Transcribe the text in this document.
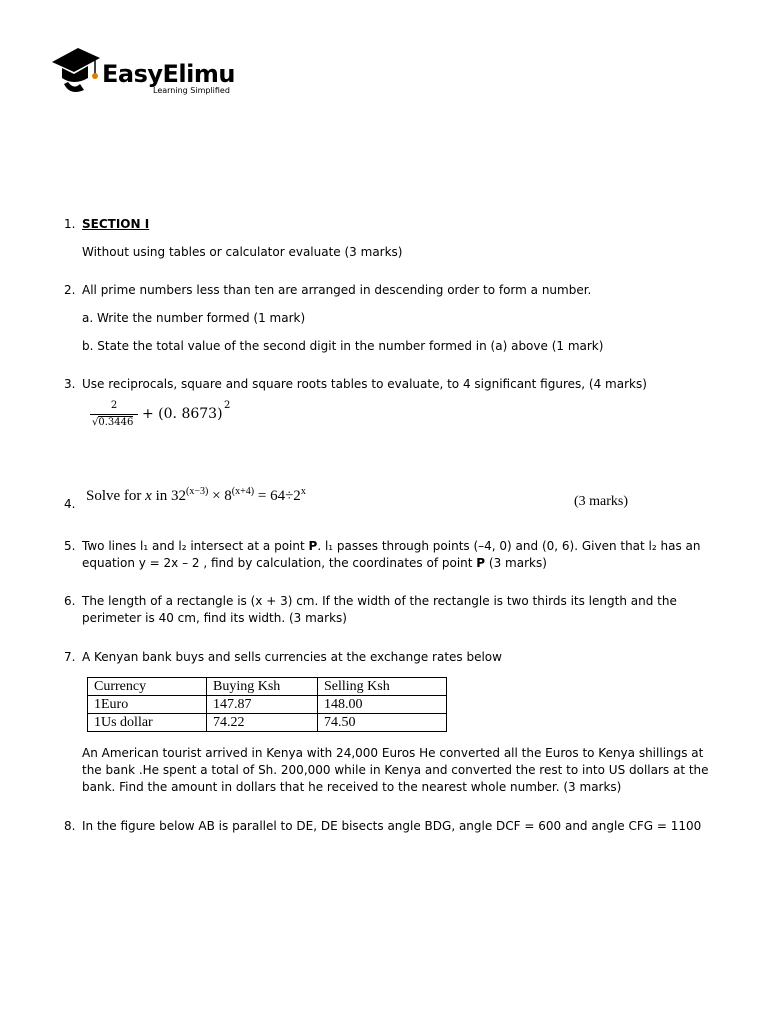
EasyElimu
Learning Simplified
1. SECTION I

Without using tables or calculator evaluate (3 marks)

2. All prime numbers less than ten are arranged in descending order to form a number.

a. Write the number formed (1 mark)

b. State the total value of the second digit in the number formed in (a) above (1 mark)

3. Use reciprocals, square and square roots tables to evaluate, to 4 significant figures, (4 marks)

2
√0.3446
+ (0. 8673)
2
4. Solve for x in $32^{(x-3)} \times 8^{(x+4)} = 64\div 2^x$
(3 marks)
5. Two lines l₁ and l₂ intersect at a point P. l₁ passes through points (–4, 0) and (0, 6). Given that l₂ has an equation y = 2x – 2 , find by calculation, the coordinates of point P (3 marks)

6. The length of a rectangle is (x + 3) cm. If the width of the rectangle is two thirds its length and the perimeter is 40 cm, find its width. (3 marks)

7. A Kenyan bank buys and sells currencies at the exchange rates below

Currency	Buying Ksh	Selling Ksh
1Euro	147.87	148.00
1Us dollar	74.22	74.50

An American tourist arrived in Kenya with 24,000 Euros He converted all the Euros to Kenya shillings at the bank .He spent a total of Sh. 200,000 while in Kenya and converted the rest to into US dollars at the bank. Find the amount in dollars that he received to the nearest whole number. (3 marks)

8. In the figure below AB is parallel to DE, DE bisects angle BDG, angle DCF = 600 and angle CFG = 1100
